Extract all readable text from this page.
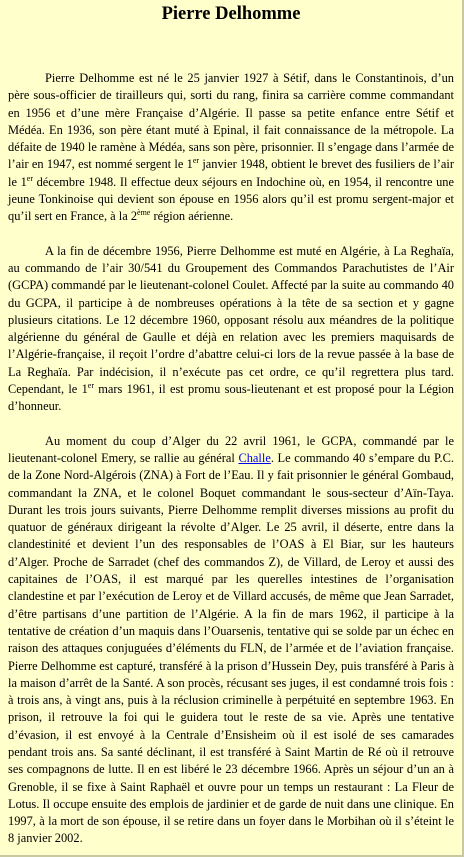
Pierre Delhomme

Pierre Delhomme est né le 25 janvier 1927 à Sétif, dans le Constantinois, d’un père sous-officier de tirailleurs qui, sorti du rang, finira sa carrière comme commandant en 1956 et d’une mère Française d’Algérie. Il passe sa petite enfance entre Sétif et Médéa. En 1936, son père étant muté à Epinal, il fait connaissance de la métropole. La défaite de 1940 le ramène à Médéa, sans son père, prisonnier. Il s’engage dans l’armée de l’air en 1947, est nommé sergent le 1er janvier 1948, obtient le brevet des fusiliers de l’air le 1er décembre 1948. Il effectue deux séjours en Indochine où, en 1954, il rencontre une jeune Tonkinoise qui devient son épouse en 1956 alors qu’il est promu sergent-major et qu’il sert en France, à la 2ème région aérienne.

A la fin de décembre 1956, Pierre Delhomme est muté en Algérie, à La Reghaïa, au commando de l’air 30/541 du Groupement des Commandos Parachutistes de l’Air (GCPA) commandé par le lieutenant-colonel Coulet. Affecté par la suite au commando 40 du GCPA, il participe à de nombreuses opérations à la tête de sa section et y gagne plusieurs citations. Le 12 décembre 1960, opposant résolu aux méandres de la politique algérienne du général de Gaulle et déjà en relation avec les premiers maquisards de l’Algérie-française, il reçoit l’ordre d’abattre celui-ci lors de la revue passée à la base de La Reghaïa. Par indécision, il n’exécute pas cet ordre, ce qu’il regrettera plus tard. Cependant, le 1er mars 1961, il est promu sous-lieutenant et est proposé pour la Légion d’honneur.

Au moment du coup d’Alger du 22 avril 1961, le GCPA, commandé par le lieutenant-colonel Emery, se rallie au général Challe. Le commando 40 s’empare du P.C. de la Zone Nord-Algérois (ZNA) à Fort de l’Eau. Il y fait prisonnier le général Gombaud, commandant la ZNA, et le colonel Boquet commandant le sous-secteur d’Aïn-Taya. Durant les trois jours suivants, Pierre Delhomme remplit diverses missions au profit du quatuor de généraux dirigeant la révolte d’Alger. Le 25 avril, il déserte, entre dans la clandestinité et devient l’un des responsables de l’OAS à El Biar, sur les hauteurs d’Alger. Proche de Sarradet (chef des commandos Z), de Villard, de Leroy et aussi des capitaines de l’OAS, il est marqué par les querelles intestines de l’organisation clandestine et par l’exécution de Leroy et de Villard accusés, de même que Jean Sarradet, d’être partisans d’une partition de l’Algérie. A la fin de mars 1962, il participe à la tentative de création d’un maquis dans l’Ouarsenis, tentative qui se solde par un échec en raison des attaques conjuguées d’éléments du FLN, de l’armée et de l’aviation française. Pierre Delhomme est capturé, transféré à la prison d’Hussein Dey, puis transféré à Paris à la maison d’arrêt de la Santé. A son procès, récusant ses juges, il est condamné trois fois : à trois ans, à vingt ans, puis à la réclusion criminelle à perpétuité en septembre 1963. En prison, il retrouve la foi qui le guidera tout le reste de sa vie. Après une tentative d’évasion, il est envoyé à la Centrale d’Ensisheim où il est isolé de ses camarades pendant trois ans. Sa santé déclinant, il est transféré à Saint Martin de Ré où il retrouve ses compagnons de lutte. Il en est libéré le 23 décembre 1966. Après un séjour d’un an à Grenoble, il se fixe à Saint Raphaël et ouvre pour un temps un restaurant : La Fleur de Lotus. Il occupe ensuite des emplois de jardinier et de garde de nuit dans une clinique. En 1997, à la mort de son épouse, il se retire dans un foyer dans le Morbihan où il s’éteint le 8 janvier 2002.
